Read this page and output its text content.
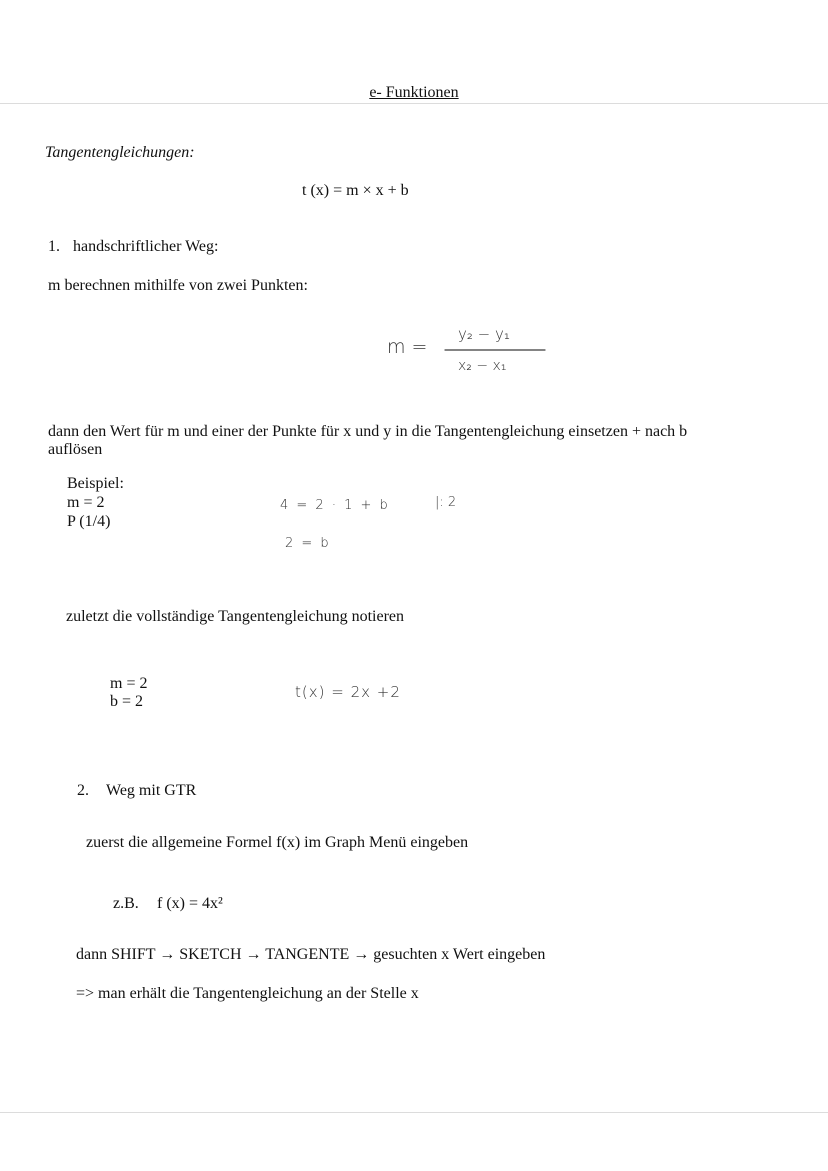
e- Funktionen
Tangentengleichungen:
t (x) = m × x + b
1. handschriftlicher Weg:
m berechnen mithilfe von zwei Punkten:
m =
y₂ − y₁
x₂ − x₁
dann den Wert für m und einer der Punkte für x und y in die Tangentengleichung einsetzen + nach b
auflösen
Beispiel:
m = 2
P (1/4)
4 = 2 · 1 + b	|: 2
2 = b
zuletzt die vollständige Tangentengleichung notieren
m = 2
b = 2
t(x) = 2x +2
2. Weg mit GTR
zuerst die allgemeine Formel f(x) im Graph Menü eingeben
z.B. f (x) = 4x²
dann SHIFT → SKETCH → TANGENTE → gesuchten x Wert eingeben
=> man erhält die Tangentengleichung an der Stelle x
